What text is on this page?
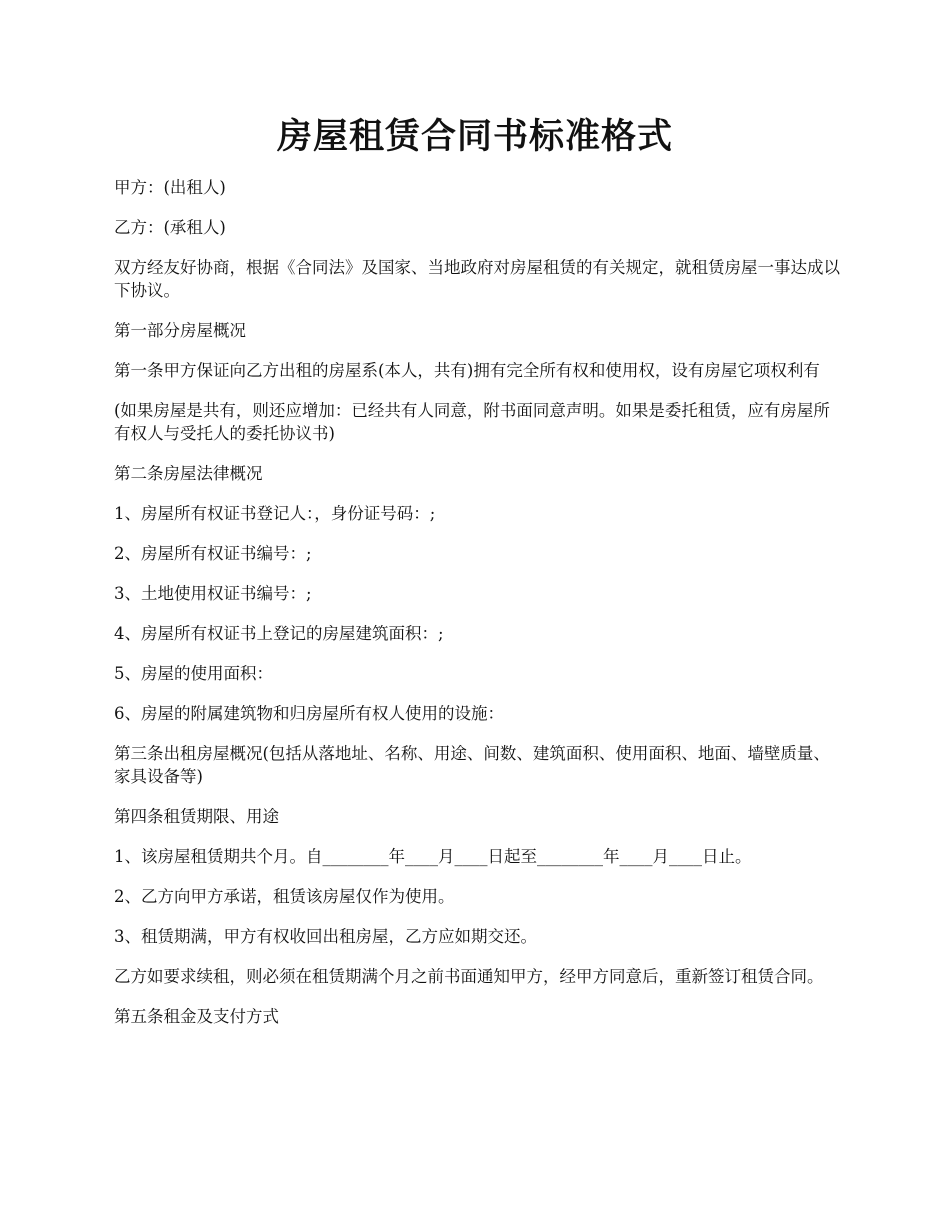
房屋租赁合同书标准格式

甲方：(出租人)

乙方：(承租人)

双方经友好协商，根据《合同法》及国家、当地政府对房屋租赁的有关规定，就租赁房屋一事达成以下协议。

第一部分房屋概况

第一条甲方保证向乙方出租的房屋系(本人，共有)拥有完全所有权和使用权，设有房屋它项权利有

(如果房屋是共有，则还应增加：已经共有人同意，附书面同意声明。如果是委托租赁，应有房屋所有权人与受托人的委托协议书)

第二条房屋法律概况

1、房屋所有权证书登记人：，身份证号码：;

2、房屋所有权证书编号：;

3、土地使用权证书编号：;

4、房屋所有权证书上登记的房屋建筑面积：;

5、房屋的使用面积：

6、房屋的附属建筑物和归房屋所有权人使用的设施：

第三条出租房屋概况(包括从落地址、名称、用途、间数、建筑面积、使用面积、地面、墙壁质量、家具设备等)

第四条租赁期限、用途

1、该房屋租赁期共个月。自________年____月____日起至________年____月____日止。

2、乙方向甲方承诺，租赁该房屋仅作为使用。

3、租赁期满，甲方有权收回出租房屋，乙方应如期交还。

乙方如要求续租，则必须在租赁期满个月之前书面通知甲方，经甲方同意后，重新签订租赁合同。

第五条租金及支付方式
